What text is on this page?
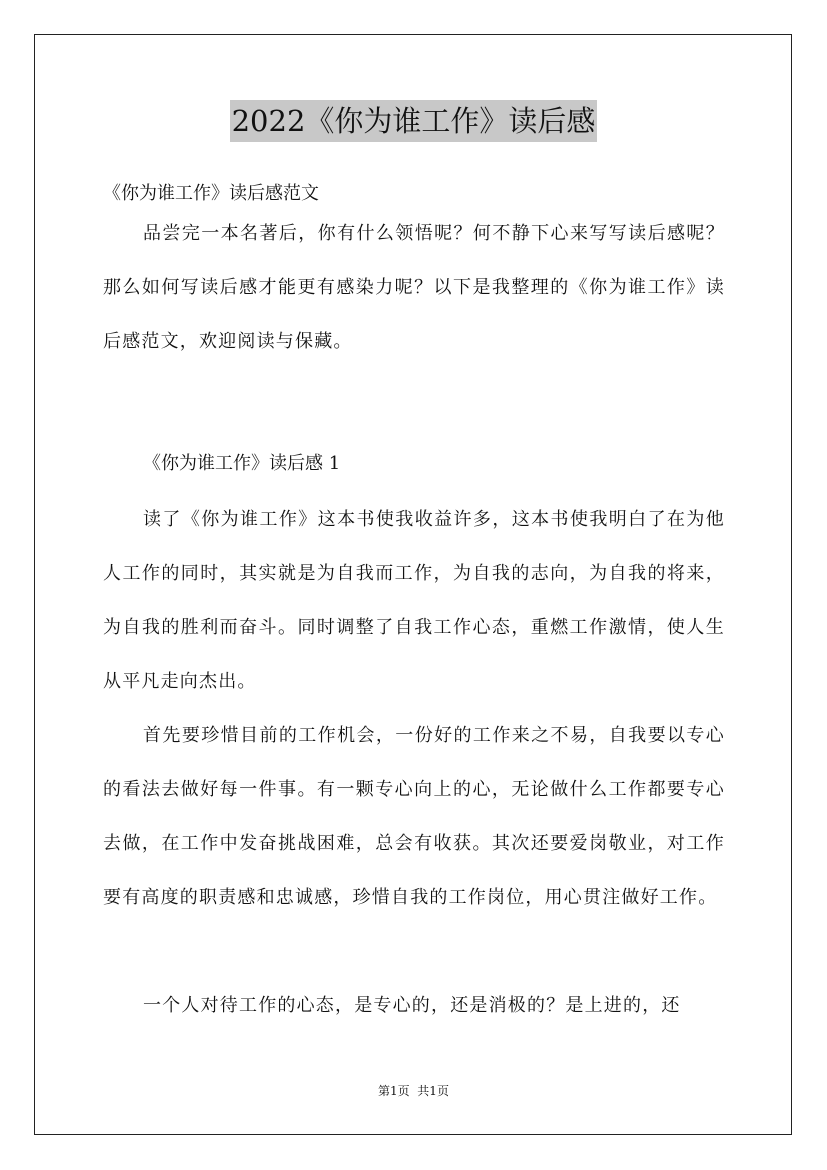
2022《你为谁工作》读后感
《你为谁工作》读后感范文

品尝完一本名著后，你有什么领悟呢？何不静下心来写写读后感呢？那么如何写读后感才能更有感染力呢？以下是我整理的《你为谁工作》读后感范文，欢迎阅读与保藏。

《你为谁工作》读后感 1

读了《你为谁工作》这本书使我收益许多，这本书使我明白了在为他人工作的同时，其实就是为自我而工作，为自我的志向，为自我的将来，为自我的胜利而奋斗。同时调整了自我工作心态，重燃工作激情，使人生从平凡走向杰出。

首先要珍惜目前的工作机会，一份好的工作来之不易，自我要以专心的看法去做好每一件事。有一颗专心向上的心，无论做什么工作都要专心去做，在工作中发奋挑战困难，总会有收获。其次还要爱岗敬业，对工作要有高度的职责感和忠诚感，珍惜自我的工作岗位，用心贯注做好工作。

一个人对待工作的心态，是专心的，还是消极的？是上进的，还

第1页  共1页
